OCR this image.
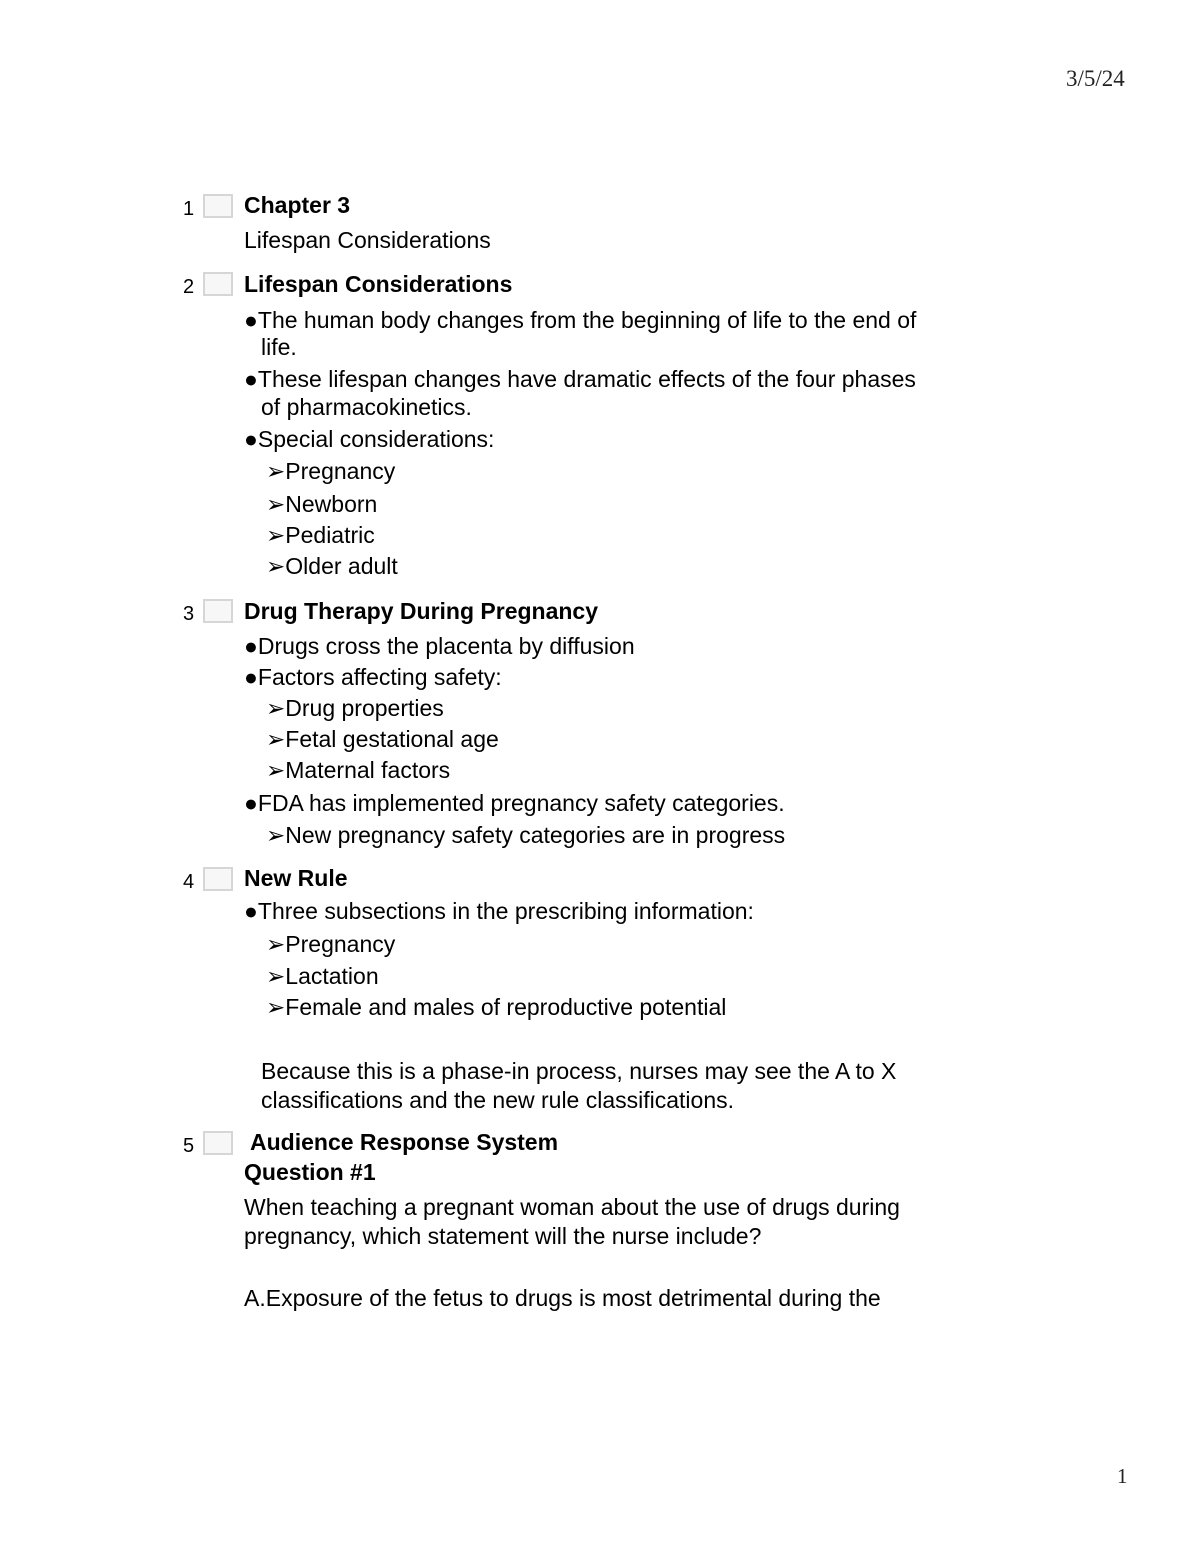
3/5/24
1 Chapter 3
Lifespan Considerations
2 Lifespan Considerations
●The human body changes from the beginning of life to the end of
life.
●These lifespan changes have dramatic effects of the four phases
of pharmacokinetics.
●Special considerations:
➢Pregnancy
➢Newborn
➢Pediatric
➢Older adult
3 Drug Therapy During Pregnancy
●Drugs cross the placenta by diffusion
●Factors affecting safety:
➢Drug properties
➢Fetal gestational age
➢Maternal factors
●FDA has implemented pregnancy safety categories.
➢New pregnancy safety categories are in progress
4 New Rule
●Three subsections in the prescribing information:
➢Pregnancy
➢Lactation
➢Female and males of reproductive potential
Because this is a phase-in process, nurses may see the A to X
classifications and the new rule classifications.
5 Audience Response System
Question #1
When teaching a pregnant woman about the use of drugs during
pregnancy, which statement will the nurse include?
A.Exposure of the fetus to drugs is most detrimental during the
1
